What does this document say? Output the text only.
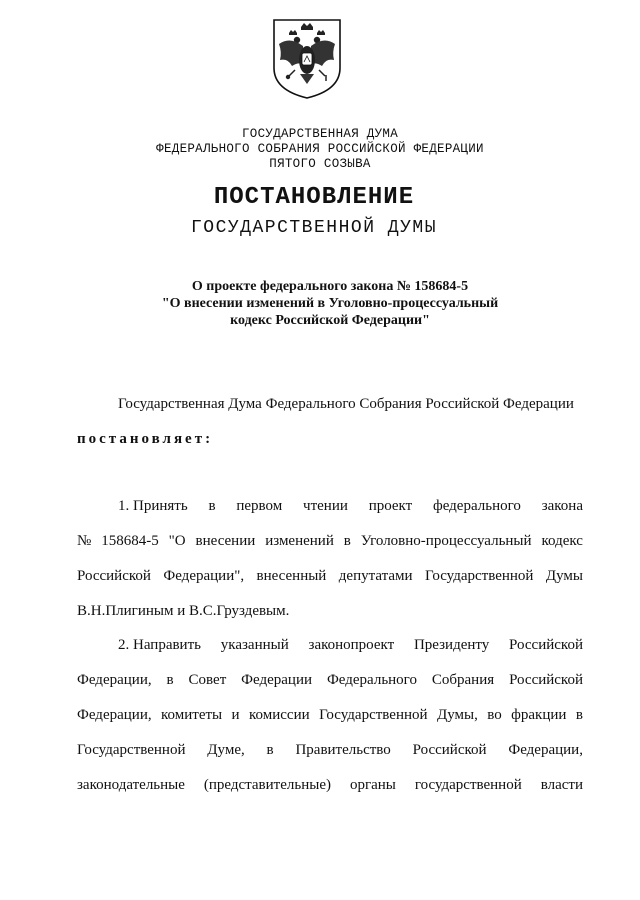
ГОСУДАРСТВЕННАЯ ДУМА
ФЕДЕРАЛЬНОГО СОБРАНИЯ РОССИЙСКОЙ ФЕДЕРАЦИИ
ПЯТОГО СОЗЫВА
ПОСТАНОВЛЕНИЕ
ГОСУДАРСТВЕННОЙ ДУМЫ
О проекте федерального закона № 158684-5
"О внесении изменений в Уголовно-процессуальный
кодекс Российской Федерации"
Государственная Дума Федерального Собрания Российской Федерации
постановляет:
1. Принять в первом чтении проект федерального закона
№ 158684-5 "О внесении изменений в Уголовно-процессуальный кодекс
Российской Федерации", внесенный депутатами Государственной Думы
В.Н.Плигиным и В.С.Груздевым.
2. Направить указанный законопроект Президенту Российской
Федерации, в Совет Федерации Федерального Собрания Российской
Федерации, комитеты и комиссии Государственной Думы, во фракции в
Государственной Думе, в Правительство Российской Федерации,
законодательные (представительные) органы государственной власти
